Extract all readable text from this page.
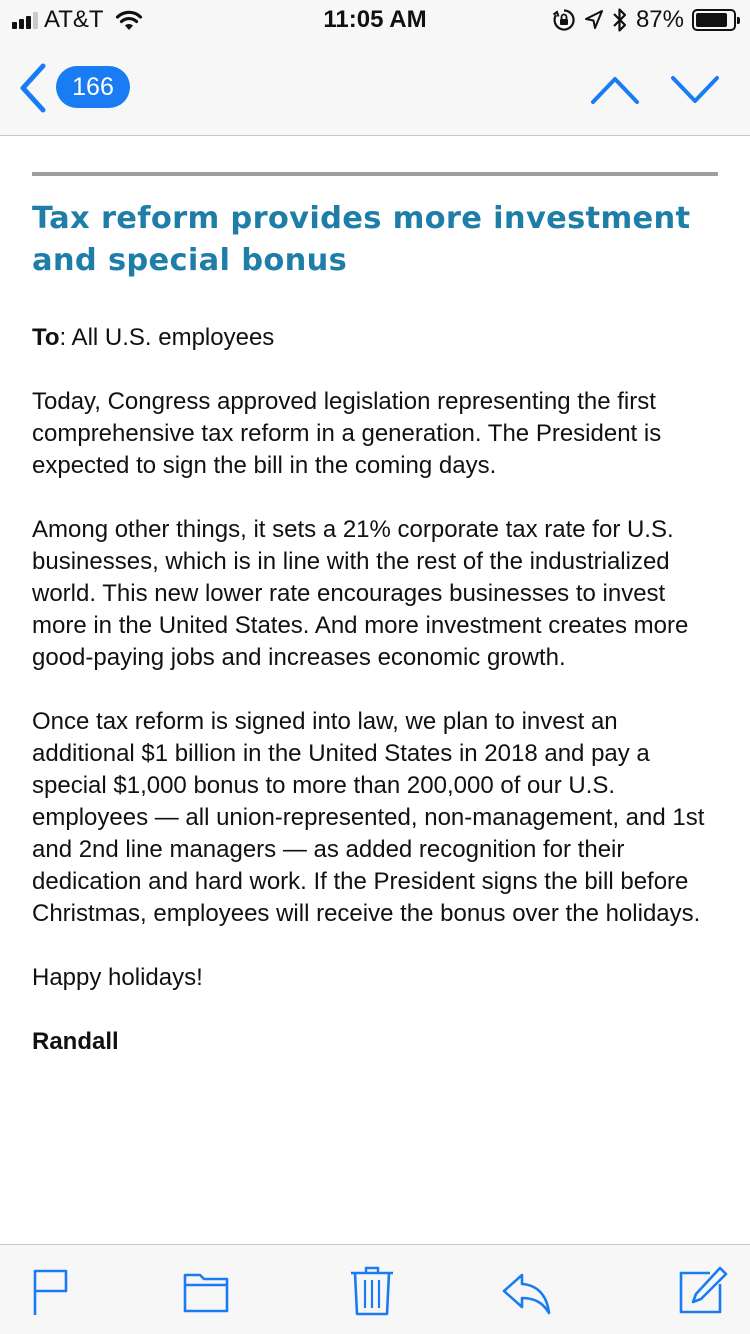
AT&T	11:05 AM	87%
166
Tax reform provides more investment and special bonus

To: All U.S. employees

Today, Congress approved legislation representing the first comprehensive tax reform in a generation. The President is expected to sign the bill in the coming days.

Among other things, it sets a 21% corporate tax rate for U.S. businesses, which is in line with the rest of the industrialized world. This new lower rate encourages businesses to invest more in the United States. And more investment creates more good-paying jobs and increases economic growth.

Once tax reform is signed into law, we plan to invest an additional $1 billion in the United States in 2018 and pay a special $1,000 bonus to more than 200,000 of our U.S. employees — all union-represented, non-management, and 1st and 2nd line managers — as added recognition for their dedication and hard work. If the President signs the bill before Christmas, employees will receive the bonus over the holidays.

Happy holidays!

Randall
